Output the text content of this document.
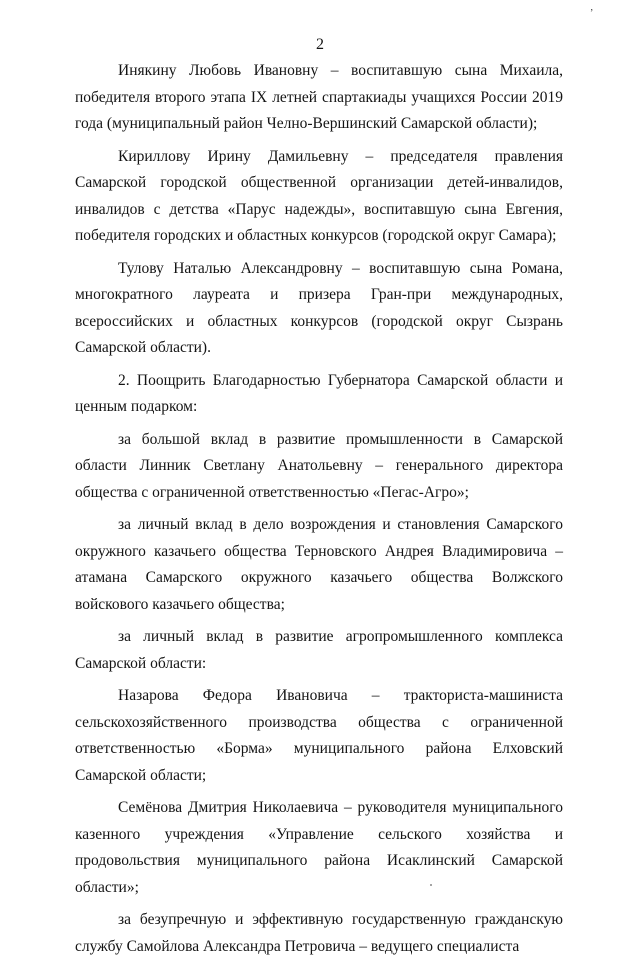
’
2

Инякину Любовь Ивановну – воспитавшую сына Михаила, победителя второго этапа IX летней спартакиады учащихся России 2019 года (муниципальный район Челно-Вершинский Самарской области);

Кириллову Ирину Дамильевну – председателя правления Самарской городской общественной организации детей-инвалидов, инвалидов с детства «Парус надежды», воспитавшую сына Евгения, победителя городских и областных конкурсов (городской округ Самара);

Тулову Наталью Александровну – воспитавшую сына Романа, многократного лауреата и призера Гран-при международных, всероссийских и областных конкурсов (городской округ Сызрань Самарской области).

2. Поощрить Благодарностью Губернатора Самарской области и ценным подарком:

за большой вклад в развитие промышленности в Самарской области Линник Светлану Анатольевну – генерального директора общества с ограниченной ответственностью «Пегас-Агро»;

за личный вклад в дело возрождения и становления Самарского окружного казачьего общества Терновского Андрея Владимировича – атамана Самарского окружного казачьего общества Волжского войскового казачьего общества;

за личный вклад в развитие агропромышленного комплекса Самарской области:

Назарова Федора Ивановича – тракториста-машиниста сельскохозяйственного производства общества с ограниченной ответственностью «Борма» муниципального района Елховский Самарской области;

Семёнова Дмитрия Николаевича – руководителя муниципального казенного учреждения «Управление сельского хозяйства и продовольствия муниципального района Исаклинский Самарской области»;

за безупречную и эффективную государственную гражданскую службу Самойлова Александра Петровича – ведущего специалиста
